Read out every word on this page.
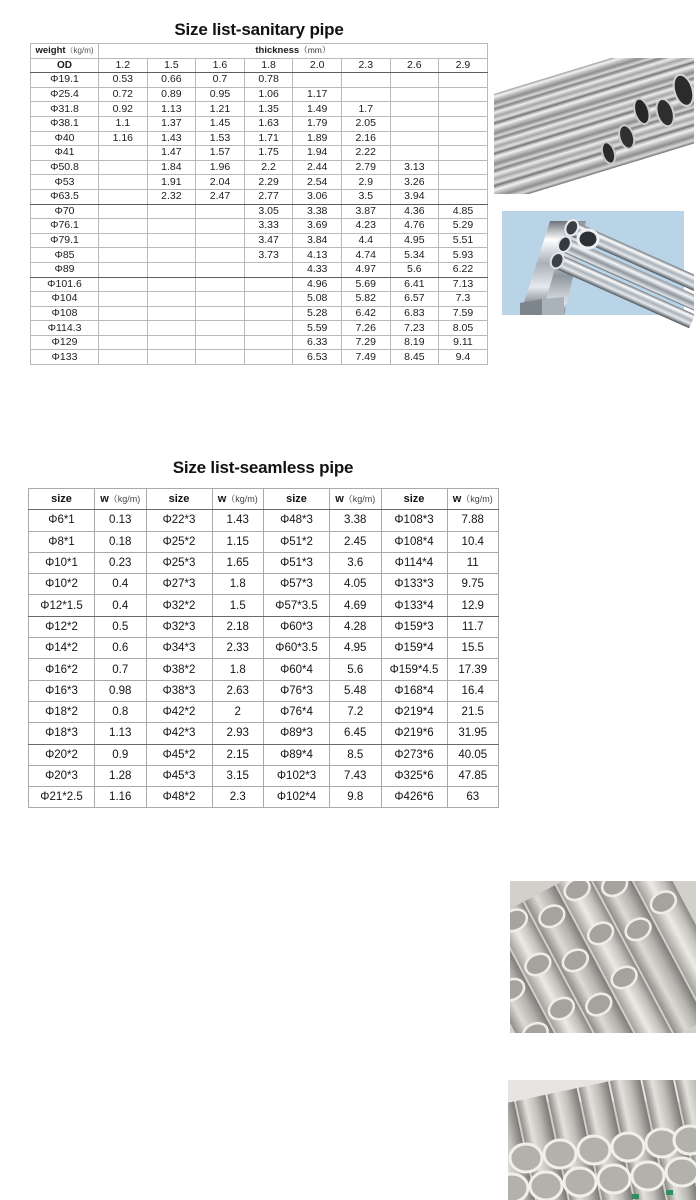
Size list-sanitary pipe
weight（kg/m)	thickness（mm）							
OD	1.2	1.5	1.6	1.8	2.0	2.3	2.6	2.9
Φ19.1	0.53	0.66	0.7	0.78				
Φ25.4	0.72	0.89	0.95	1.06	1.17			
Φ31.8	0.92	1.13	1.21	1.35	1.49	1.7		
Φ38.1	1.1	1.37	1.45	1.63	1.79	2.05		
Φ40	1.16	1.43	1.53	1.71	1.89	2.16		
Φ41		1.47	1.57	1.75	1.94	2.22		
Φ50.8		1.84	1.96	2.2	2.44	2.79	3.13	
Φ53		1.91	2.04	2.29	2.54	2.9	3.26	
Φ63.5		2.32	2.47	2.77	3.06	3.5	3.94	
Φ70				3.05	3.38	3.87	4.36	4.85
Φ76.1				3.33	3.69	4.23	4.76	5.29
Φ79.1				3.47	3.84	4.4	4.95	5.51
Φ85				3.73	4.13	4.74	5.34	5.93
Φ89					4.33	4.97	5.6	6.22
Φ101.6					4.96	5.69	6.41	7.13
Φ104					5.08	5.82	6.57	7.3
Φ108					5.28	6.42	6.83	7.59
Φ114.3					5.59	7.26	7.23	8.05
Φ129					6.33	7.29	8.19	9.11
Φ133					6.53	7.49	8.45	9.4
Size list-seamless pipe
size	w（kg/m)	size	w（kg/m)	size	w（kg/m)	size	w（kg/m)
Φ6*1	0.13	Φ22*3	1.43	Φ48*3	3.38	Φ108*3	7.88
Φ8*1	0.18	Φ25*2	1.15	Φ51*2	2.45	Φ108*4	10.4
Φ10*1	0.23	Φ25*3	1.65	Φ51*3	3.6	Φ114*4	11
Φ10*2	0.4	Φ27*3	1.8	Φ57*3	4.05	Φ133*3	9.75
Φ12*1.5	0.4	Φ32*2	1.5	Φ57*3.5	4.69	Φ133*4	12.9
Φ12*2	0.5	Φ32*3	2.18	Φ60*3	4.28	Φ159*3	11.7
Φ14*2	0.6	Φ34*3	2.33	Φ60*3.5	4.95	Φ159*4	15.5
Φ16*2	0.7	Φ38*2	1.8	Φ60*4	5.6	Φ159*4.5	17.39
Φ16*3	0.98	Φ38*3	2.63	Φ76*3	5.48	Φ168*4	16.4
Φ18*2	0.8	Φ42*2	2	Φ76*4	7.2	Φ219*4	21.5
Φ18*3	1.13	Φ42*3	2.93	Φ89*3	6.45	Φ219*6	31.95
Φ20*2	0.9	Φ45*2	2.15	Φ89*4	8.5	Φ273*6	40.05
Φ20*3	1.28	Φ45*3	3.15	Φ102*3	7.43	Φ325*6	47.85
Φ21*2.5	1.16	Φ48*2	2.3	Φ102*4	9.8	Φ426*6	63
